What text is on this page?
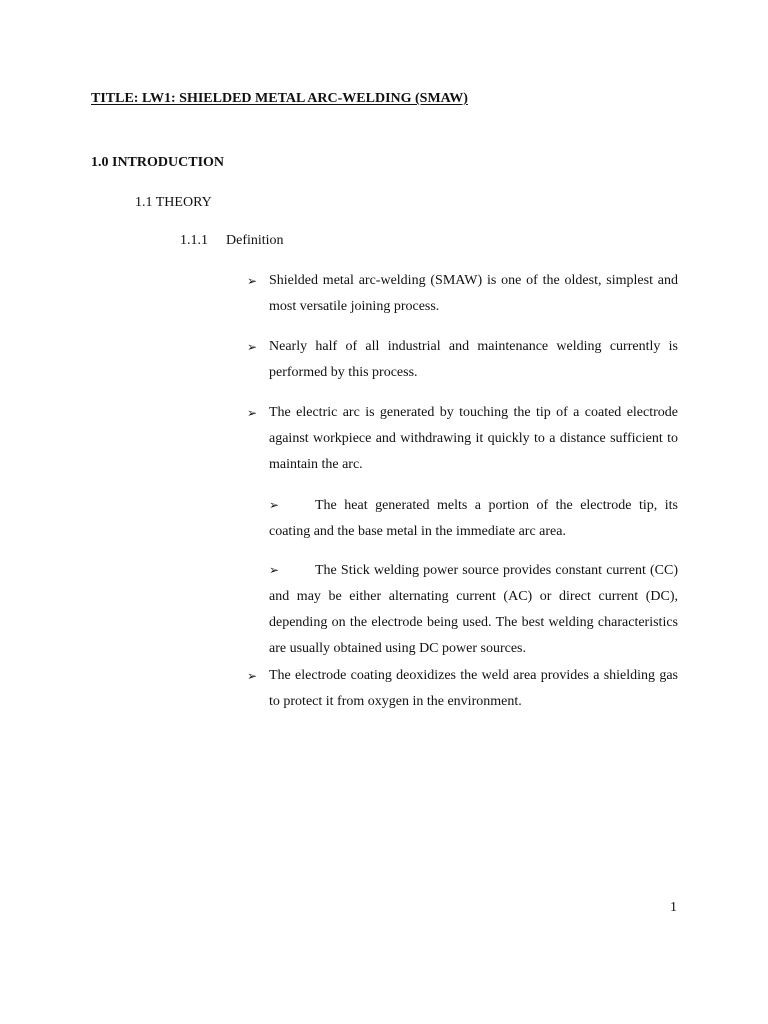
TITLE: LW1: SHIELDED METAL ARC-WELDING (SMAW)
1.0 INTRODUCTION
1.1 THEORY
1.1.1 Definition
➢ Shielded metal arc-welding (SMAW) is one of the oldest, simplest and most versatile joining process.
➢ Nearly half of all industrial and maintenance welding currently is performed by this process.
➢ The electric arc is generated by touching the tip of a coated electrode against workpiece and withdrawing it quickly to a distance sufficient to maintain the arc.
➢	The heat generated melts a portion of the electrode tip, its coating and the base metal in the immediate arc area.
➢	The Stick welding power source provides constant current (CC) and may be either alternating current (AC) or direct current (DC), depending on the electrode being used. The best welding characteristics are usually obtained using DC power sources.
➢ The electrode coating deoxidizes the weld area provides a shielding gas to protect it from oxygen in the environment.
1
